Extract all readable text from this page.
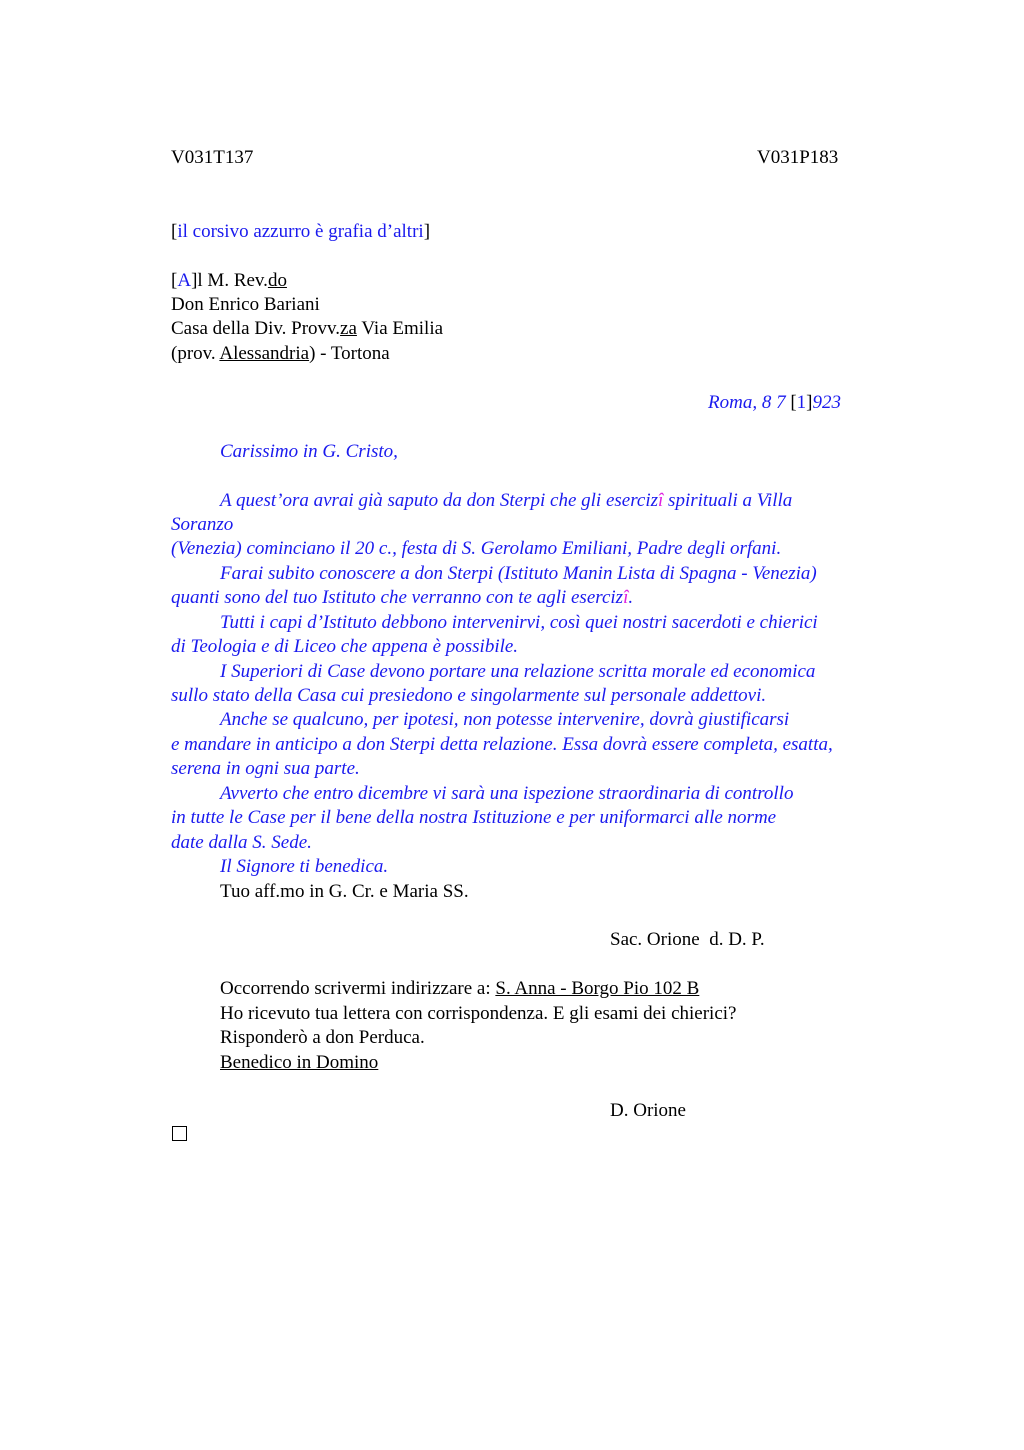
V031T137	V031P183
[il corsivo azzurro è grafia d’altri]
[A]l M. Rev.do
Don Enrico Bariani
Casa della Div. Provv.za Via Emilia
(prov. Alessandria) - Tortona
Roma, 8 7 [1]923
Carissimo in G. Cristo,
A quest’ora avrai già saputo da don Sterpi che gli esercizî spirituali a Villa
Soranzo
(Venezia) cominciano il 20 c., festa di S. Gerolamo Emiliani, Padre degli orfani.
Farai subito conoscere a don Sterpi (Istituto Manin Lista di Spagna - Venezia)
quanti sono del tuo Istituto che verranno con te agli esercizî.
Tutti i capi d’Istituto debbono intervenirvi, così quei nostri sacerdoti e chierici
di Teologia e di Liceo che appena è possibile.
I Superiori di Case devono portare una relazione scritta morale ed economica
sullo stato della Casa cui presiedono e singolarmente sul personale addettovi.
Anche se qualcuno, per ipotesi, non potesse intervenire, dovrà giustificarsi
e mandare in anticipo a don Sterpi detta relazione. Essa dovrà essere completa, esatta,
serena in ogni sua parte.
Avverto che entro dicembre vi sarà una ispezione straordinaria di controllo
in tutte le Case per il bene della nostra Istituzione e per uniformarci alle norme
date dalla S. Sede.
Il Signore ti benedica.
Tuo aff.mo in G. Cr. e Maria SS.
Sac. Orione  d. D. P.
Occorrendo scrivermi indirizzare a: S. Anna - Borgo Pio 102 B
Ho ricevuto tua lettera con corrispondenza. E gli esami dei chierici?
Risponderò a don Perduca.
Benedico in Domino
D. Orione
